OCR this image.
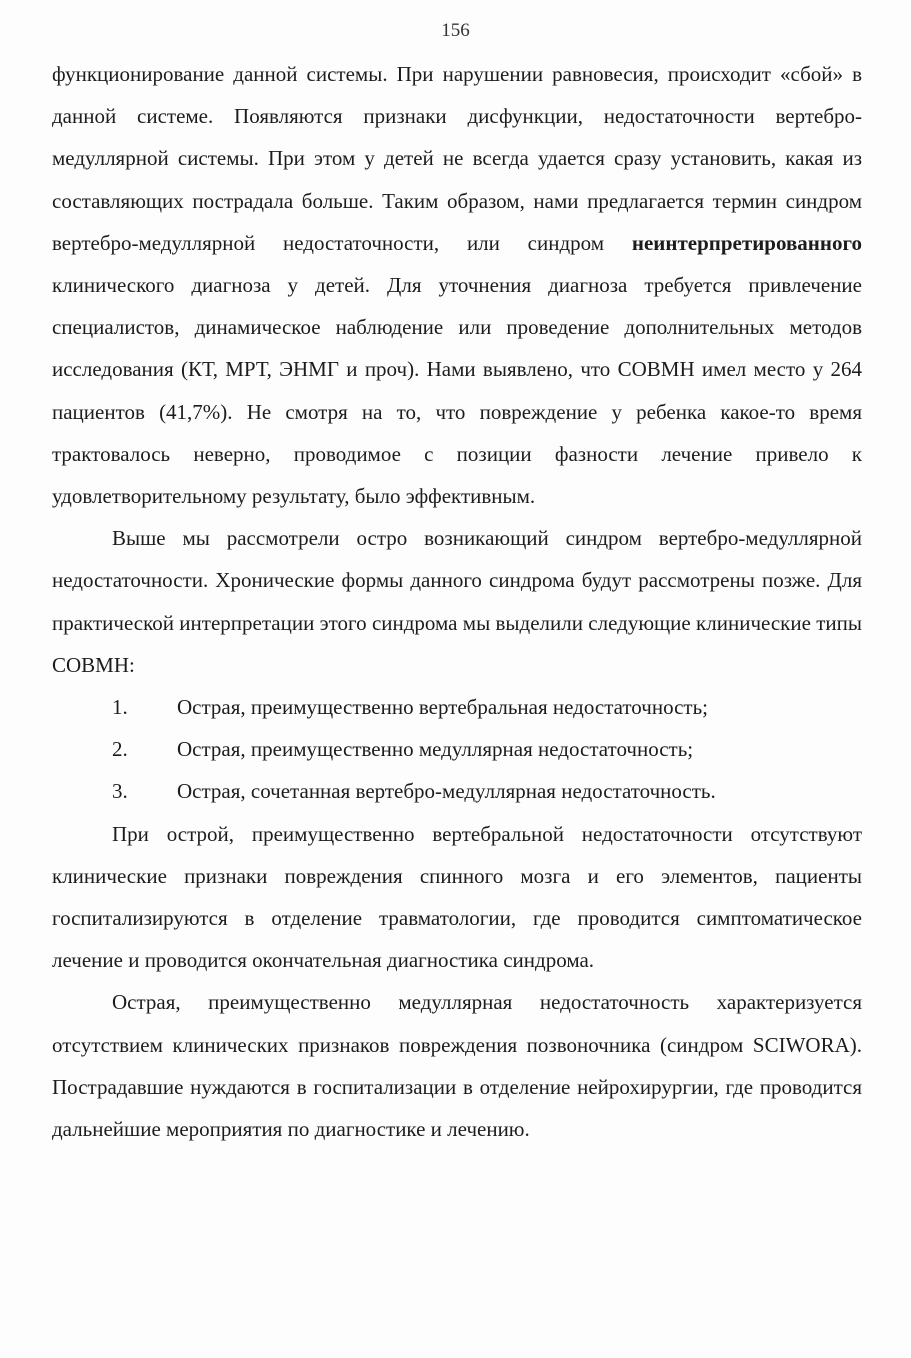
156

функционирование данной системы. При нарушении равновесия, происходит «сбой» в данной системе. Появляются признаки дисфункции, недостаточности вертебро-медуллярной системы. При этом у детей не всегда удается сразу установить, какая из составляющих пострадала больше. Таким образом, нами предлагается термин синдром вертебро-медуллярной недостаточности, или синдром неинтерпретированного клинического диагноза у детей. Для уточнения диагноза требуется привлечение специалистов, динамическое наблюдение или проведение дополнительных методов исследования (КТ, МРТ, ЭНМГ и проч). Нами выявлено, что СОВМН имел место у 264 пациентов (41,7%). Не смотря на то, что повреждение у ребенка какое-то время трактовалось неверно, проводимое с позиции фазности лечение привело к удовлетворительному результату, было эффективным.

Выше мы рассмотрели остро возникающий синдром вертебро-медуллярной недостаточности. Хронические формы данного синдрома будут рассмотрены позже. Для практической интерпретации этого синдрома мы выделили следующие клинические типы СОВМН:

1.	Острая, преимущественно вертебральная недостаточность;
2.	Острая, преимущественно медуллярная недостаточность;
3.	Острая, сочетанная вертебро-медуллярная недостаточность.

При острой, преимущественно вертебральной недостаточности отсутствуют клинические признаки повреждения спинного мозга и его элементов, пациенты госпитализируются в отделение травматологии, где проводится симптоматическое лечение и проводится окончательная диагностика синдрома.

Острая, преимущественно медуллярная недостаточность характеризуется отсутствием клинических признаков повреждения позвоночника (синдром SCIWORA). Пострадавшие нуждаются в госпитализации в отделение нейрохирургии, где проводится дальнейшие мероприятия по диагностике и лечению.
